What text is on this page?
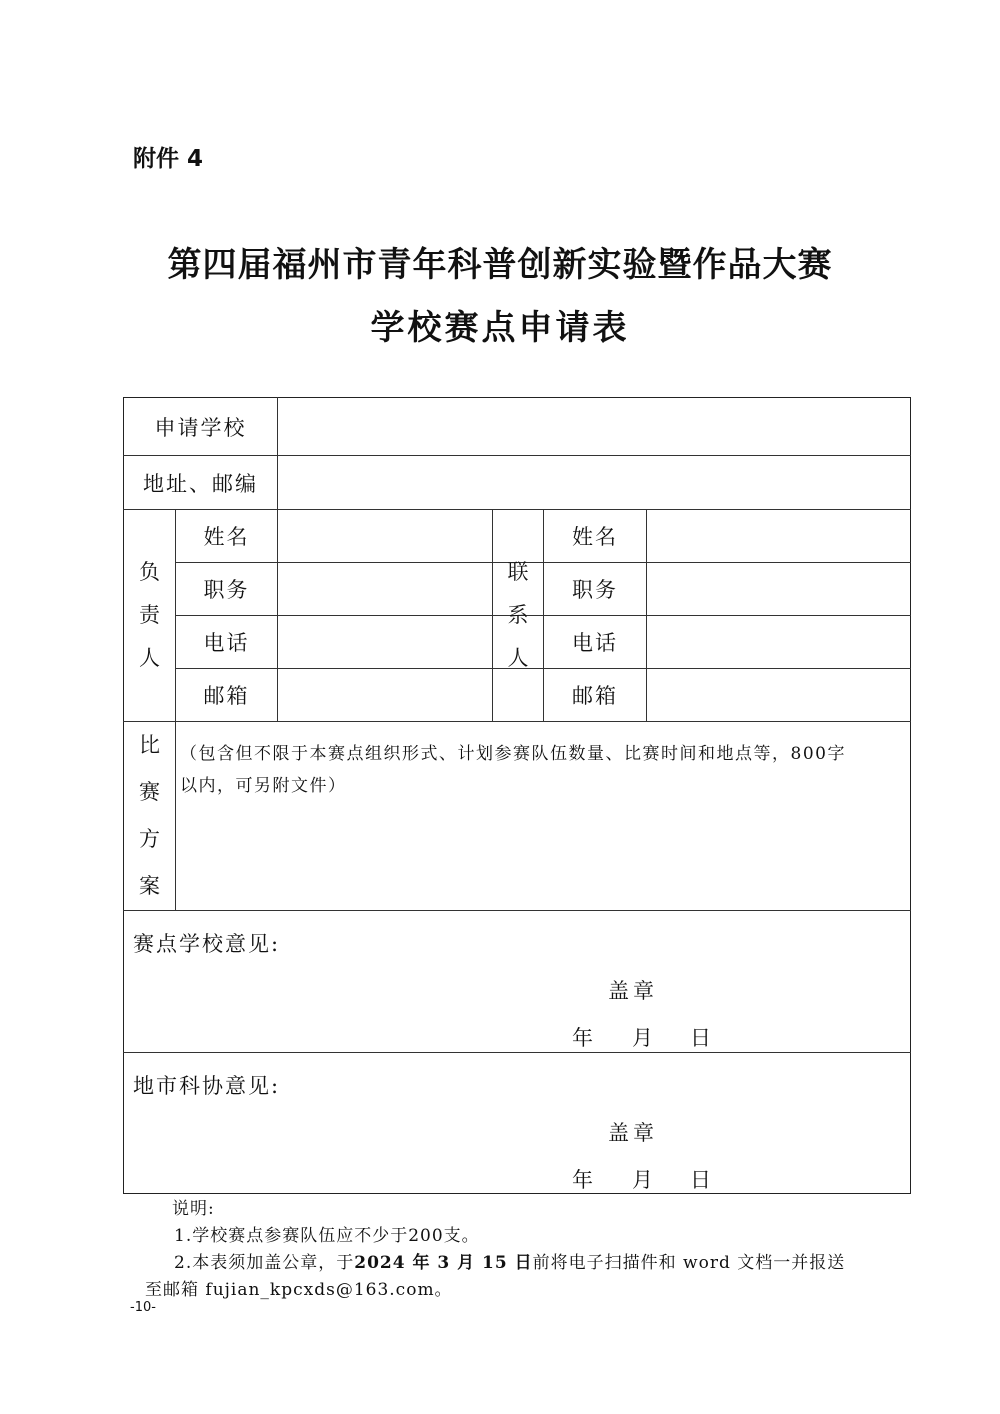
附件 4
第四届福州市青年科普创新实验暨作品大赛
学校赛点申请表
申请学校
地址、邮编
负
责
人
姓名
职务
电话
邮箱
联
系
人
姓名
职务
电话
邮箱
比
赛
方
案
（包含但不限于本赛点组织形式、计划参赛队伍数量、比赛时间和地点等，800字
以内，可另附文件）
赛点学校意见:
盖章
年 月 日
地市科协意见:
盖章
年 月 日
说明:
1.学校赛点参赛队伍应不少于200支。
2.本表须加盖公章，于2024 年 3 月 15 日前将电子扫描件和 word 文档一并报送
至邮箱 fujian_kpcxds@163.com。
-10-
